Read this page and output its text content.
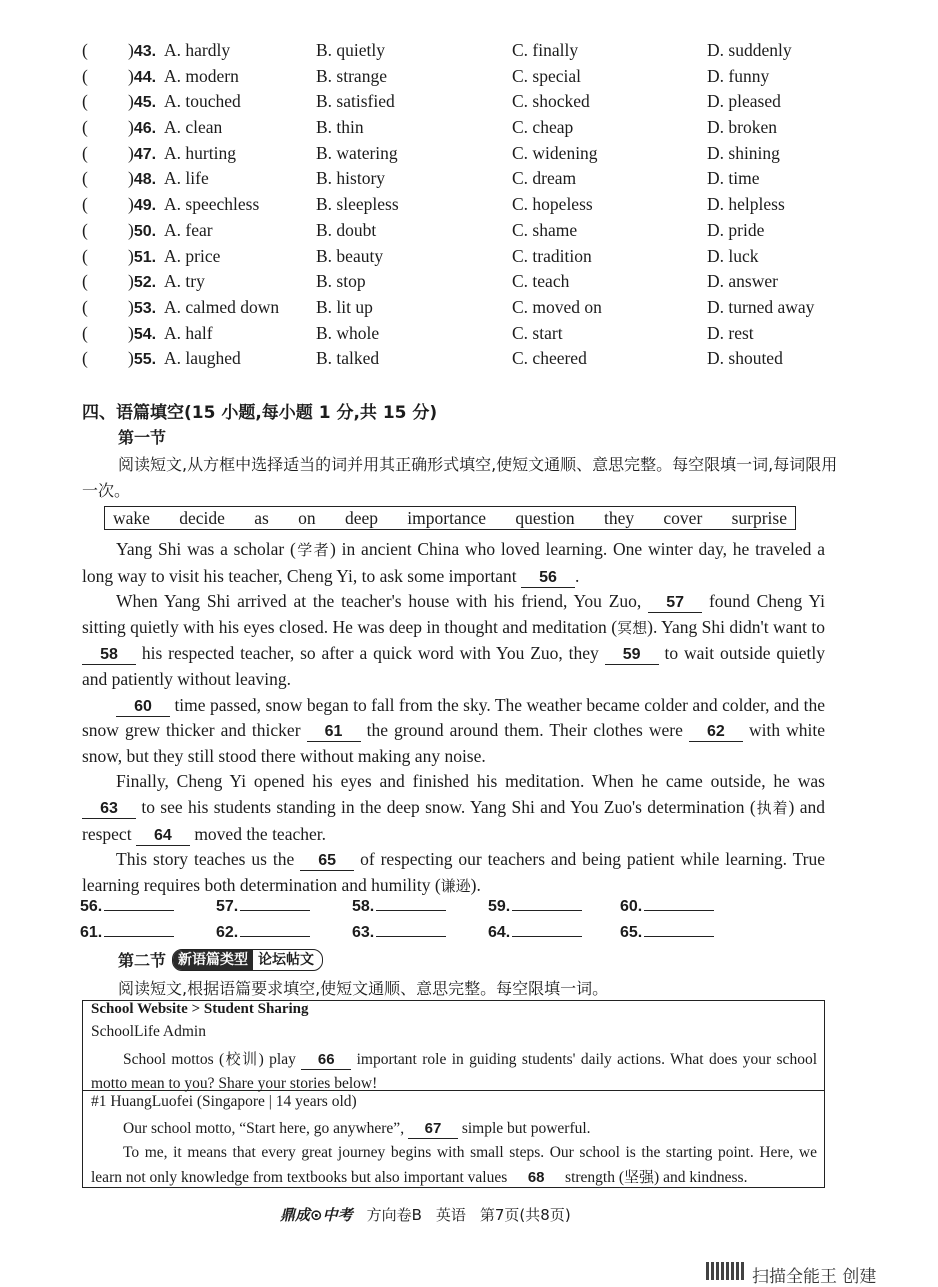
(	) 43. A. hardly	B. quietly	C. finally	D. suddenly
(	) 44. A. modern	B. strange	C. special	D. funny
(	) 45. A. touched	B. satisfied	C. shocked	D. pleased
(	) 46. A. clean	B. thin	C. cheap	D. broken
(	) 47. A. hurting	B. watering	C. widening	D. shining
(	) 48. A. life	B. history	C. dream	D. time
(	) 49. A. speechless	B. sleepless	C. hopeless	D. helpless
(	) 50. A. fear	B. doubt	C. shame	D. pride
(	) 51. A. price	B. beauty	C. tradition	D. luck
(	) 52. A. try	B. stop	C. teach	D. answer
(	) 53. A. calmed down B. lit up	C. moved on	D. turned away
(	) 54. A. half	B. whole	C. start	D. rest
(	) 55. A. laughed	B. talked	C. cheered	D. shouted
四、语篇填空(15 小题,每小题 1 分,共 15 分)
第一节
阅读短文,从方框中选择适当的词并用其正确形式填空,使短文通顺、意思完整。每空限填一词,每词限用一次。
wake decide as on deep importance question they cover surprise

Yang Shi was a scholar (学者) in ancient China who loved learning. One winter day, he traveled a long way to visit his teacher, Cheng Yi, to ask some important 56 .

When Yang Shi arrived at the teacher's house with his friend, You Zuo, 57 found Cheng Yi sitting quietly with his eyes closed. He was deep in thought and meditation (冥想). Yang Shi didn't want to 58 his respected teacher, so after a quick word with You Zuo, they 59 to wait outside quietly and patiently without leaving.

60 time passed, snow began to fall from the sky. The weather became colder and colder, and the snow grew thicker and thicker 61 the ground around them. Their clothes were 62 with white snow, but they still stood there without making any noise.

Finally, Cheng Yi opened his eyes and finished his meditation. When he came outside, he was 63 to see his students standing in the deep snow. Yang Shi and You Zuo's determination (执着) and respect 64 moved the teacher.

This story teaches us the 65 of respecting our teachers and being patient while learning. True learning requires both determination and humility (谦逊).

56.	57.	58.	59.	60.
61.	62.	63.	64.	65.
第二节 新语篇类型 论坛帖文
阅读短文,根据语篇要求填空,使短文通顺、意思完整。每空限填一词。
School Website > Student Sharing
SchoolLife Admin
School mottos (校训) play 66 important role in guiding students' daily actions. What does your school motto mean to you? Share your stories below!
#1 HuangLuofei (Singapore | 14 years old)
Our school motto, “Start here, go anywhere”, 67 simple but powerful.
To me, it means that every great journey begins with small steps. Our school is the starting point. Here, we learn not only knowledge from textbooks but also important values 68 strength (坚强) and kindness.
鼎成⊙中考 方向卷B 英语 第7页(共8页)
扫描全能王 创建
